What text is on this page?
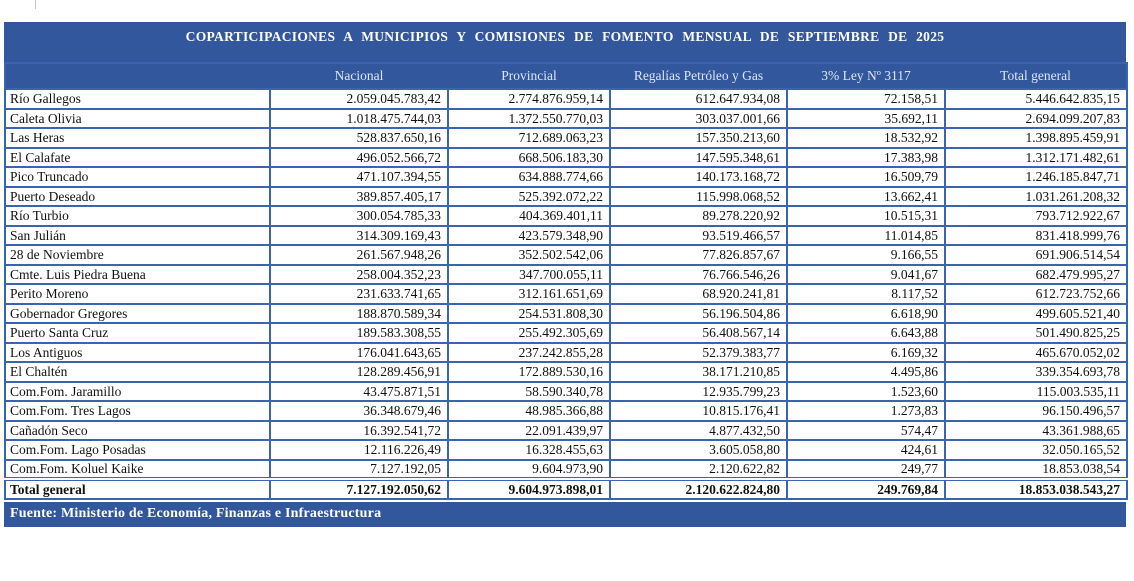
COPARTICIPACIONES A MUNICIPIOS Y COMISIONES DE FOMENTO MENSUAL DE SEPTIEMBRE DE 2025
	Nacional	Provincial	Regalías Petróleo y Gas	3% Ley Nº 3117	Total general
Río Gallegos	2.059.045.783,42	2.774.876.959,14	612.647.934,08	72.158,51	5.446.642.835,15
Caleta Olivia	1.018.475.744,03	1.372.550.770,03	303.037.001,66	35.692,11	2.694.099.207,83
Las Heras	528.837.650,16	712.689.063,23	157.350.213,60	18.532,92	1.398.895.459,91
El Calafate	496.052.566,72	668.506.183,30	147.595.348,61	17.383,98	1.312.171.482,61
Pico Truncado	471.107.394,55	634.888.774,66	140.173.168,72	16.509,79	1.246.185.847,71
Puerto Deseado	389.857.405,17	525.392.072,22	115.998.068,52	13.662,41	1.031.261.208,32
Río Turbio	300.054.785,33	404.369.401,11	89.278.220,92	10.515,31	793.712.922,67
San Julián	314.309.169,43	423.579.348,90	93.519.466,57	11.014,85	831.418.999,76
28 de Noviembre	261.567.948,26	352.502.542,06	77.826.857,67	9.166,55	691.906.514,54
Cmte. Luis Piedra Buena	258.004.352,23	347.700.055,11	76.766.546,26	9.041,67	682.479.995,27
Perito Moreno	231.633.741,65	312.161.651,69	68.920.241,81	8.117,52	612.723.752,66
Gobernador Gregores	188.870.589,34	254.531.808,30	56.196.504,86	6.618,90	499.605.521,40
Puerto Santa Cruz	189.583.308,55	255.492.305,69	56.408.567,14	6.643,88	501.490.825,25
Los Antiguos	176.041.643,65	237.242.855,28	52.379.383,77	6.169,32	465.670.052,02
El Chaltén	128.289.456,91	172.889.530,16	38.171.210,85	4.495,86	339.354.693,78
Com.Fom. Jaramillo	43.475.871,51	58.590.340,78	12.935.799,23	1.523,60	115.003.535,11
Com.Fom. Tres Lagos	36.348.679,46	48.985.366,88	10.815.176,41	1.273,83	96.150.496,57
Cañadón Seco	16.392.541,72	22.091.439,97	4.877.432,50	574,47	43.361.988,65
Com.Fom. Lago Posadas	12.116.226,49	16.328.455,63	3.605.058,80	424,61	32.050.165,52
Com.Fom. Koluel Kaike	7.127.192,05	9.604.973,90	2.120.622,82	249,77	18.853.038,54
Total general	7.127.192.050,62	9.604.973.898,01	2.120.622.824,80	249.769,84	18.853.038.543,27
Fuente: Ministerio de Economía, Finanzas e Infraestructura
